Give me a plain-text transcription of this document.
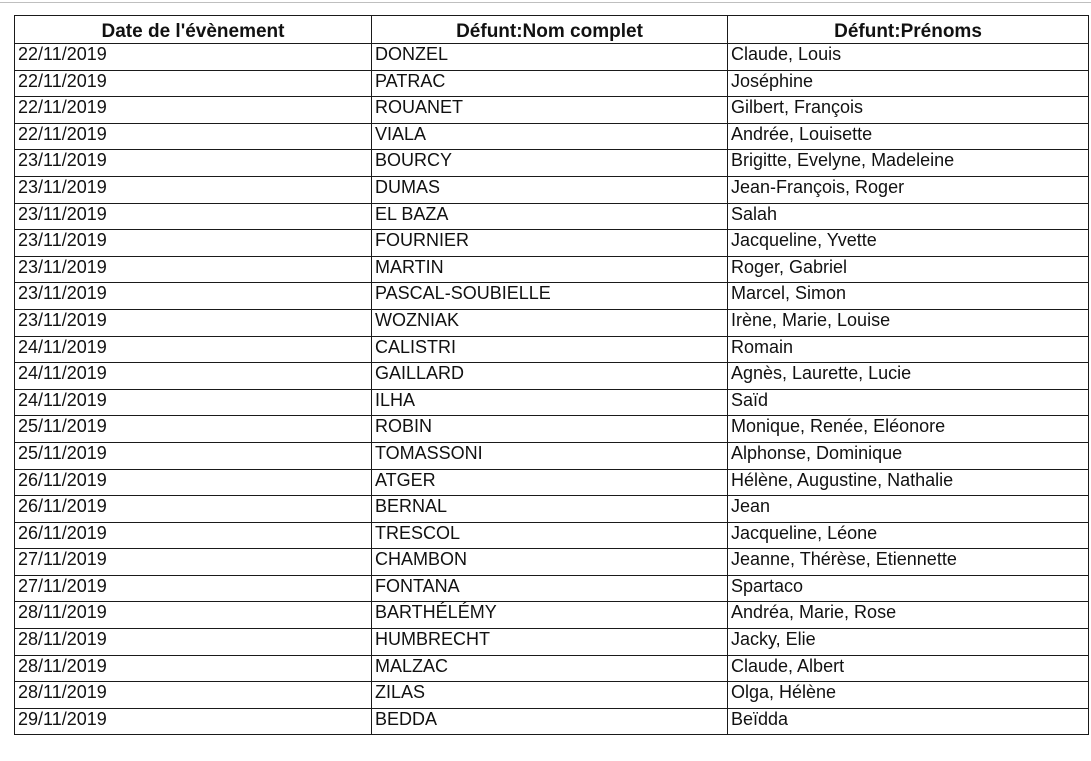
Date de l'évènement	Défunt:Nom complet	Défunt:Prénoms
22/11/2019	DONZEL	Claude, Louis
22/11/2019	PATRAC	Joséphine
22/11/2019	ROUANET	Gilbert, François
22/11/2019	VIALA	Andrée, Louisette
23/11/2019	BOURCY	Brigitte, Evelyne, Madeleine
23/11/2019	DUMAS	Jean-François, Roger
23/11/2019	EL BAZA	Salah
23/11/2019	FOURNIER	Jacqueline, Yvette
23/11/2019	MARTIN	Roger, Gabriel
23/11/2019	PASCAL-SOUBIELLE	Marcel, Simon
23/11/2019	WOZNIAK	Irène, Marie, Louise
24/11/2019	CALISTRI	Romain
24/11/2019	GAILLARD	Agnès, Laurette, Lucie
24/11/2019	ILHA	Saïd
25/11/2019	ROBIN	Monique, Renée, Eléonore
25/11/2019	TOMASSONI	Alphonse, Dominique
26/11/2019	ATGER	Hélène, Augustine, Nathalie
26/11/2019	BERNAL	Jean
26/11/2019	TRESCOL	Jacqueline, Léone
27/11/2019	CHAMBON	Jeanne, Thérèse, Etiennette
27/11/2019	FONTANA	Spartaco
28/11/2019	BARTHÉLÉMY	Andréa, Marie, Rose
28/11/2019	HUMBRECHT	Jacky, Elie
28/11/2019	MALZAC	Claude, Albert
28/11/2019	ZILAS	Olga, Hélène
29/11/2019	BEDDA	Beïdda
